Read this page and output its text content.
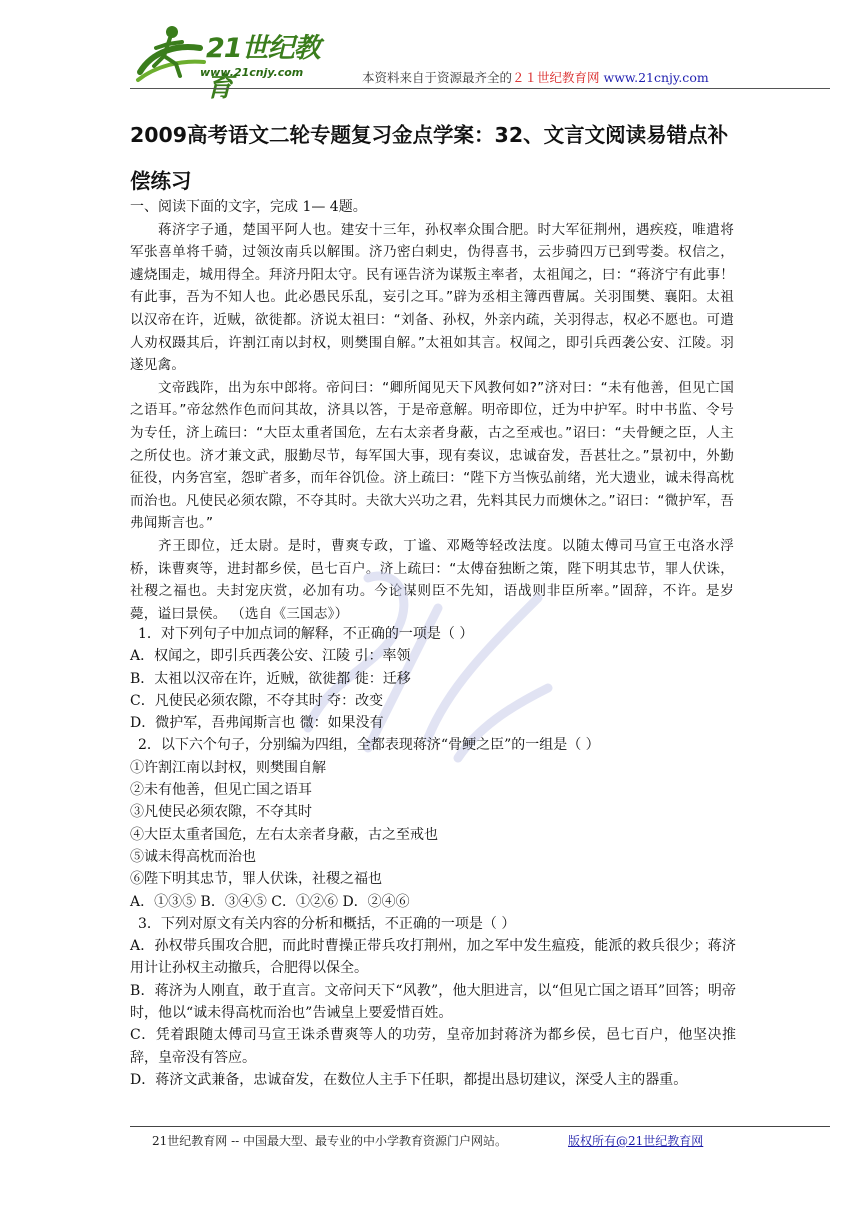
21世纪教育
www.21cnjy.com	本资料来自于资源最齐全的２１世纪教育网 www.21cnjy.com
2009高考语文二轮专题复习金点学案：32、文言文阅读易错点补偿练习

一、阅读下面的文字，完成 1— 4题。

蒋济字子通，楚国平阿人也。建安十三年，孙权率众围合肥。时大军征荆州，遇疾疫，唯遣将军张喜单将千骑，过领汝南兵以解围。济乃密白刺史，伪得喜书，云步骑四万已到雩娄。权信之，遽烧围走，城用得全。拜济丹阳太守。民有诬告济为谋叛主率者，太祖闻之，曰：“蒋济宁有此事！有此事，吾为不知人也。此必愚民乐乱，妄引之耳。”辟为丞相主簿西曹属。关羽围樊、襄阳。太祖以汉帝在许，近贼，欲徙都。济说太祖曰：“刘备、孙权，外亲内疏，关羽得志，权必不愿也。可遣人劝权蹑其后，许割江南以封权，则樊围自解。”太祖如其言。权闻之，即引兵西袭公安、江陵。羽遂见禽。

文帝践阼，出为东中郎将。帝问曰：“卿所闻见天下风教何如?”济对曰：“未有他善，但见亡国之语耳。”帝忿然作色而问其故，济具以答，于是帝意解。明帝即位，迁为中护军。时中书监、令号为专任，济上疏曰：“大臣太重者国危，左右太亲者身蔽，古之至戒也。”诏曰：“夫骨鲠之臣，人主之所仗也。济才兼文武，服勤尽节，每军国大事，现有奏议，忠诚奋发，吾甚壮之。”景初中，外勤征役，内务宫室，怨旷者多，而年谷饥俭。济上疏曰：“陛下方当恢弘前绪，光大遗业，诚未得高枕而治也。凡使民必须农隙，不夺其时。夫欲大兴功之君，先料其民力而燠休之。”诏曰：“微护军，吾弗闻斯言也。”

齐王即位，迁太尉。是时，曹爽专政，丁谧、邓飏等轻改法度。以随太傅司马宣王屯洛水浮桥，诛曹爽等，进封都乡侯，邑七百户。济上疏曰：“太傅奋独断之策，陛下明其忠节，罪人伏诛，社稷之福也。夫封宠庆赏，必加有功。今论谋则臣不先知，语战则非臣所率。”固辞，不许。是岁薨，谥曰景侯。 （选自《三国志》）

1．对下列句子中加点词的解释，不正确的一项是（ ）

A．权闻之，即引兵西袭公安、江陵 引：率领

B．太祖以汉帝在许，近贼，欲徙都 徙：迁移

C．凡使民必须农隙，不夺其时 夺：改变

D．微护军，吾弗闻斯言也 微：如果没有

2．以下六个句子，分别编为四组，全都表现蒋济“骨鲠之臣”的一组是（ ）

①许割江南以封权，则樊围自解

②未有他善，但见亡国之语耳

③凡使民必须农隙，不夺其时

④大臣太重者国危，左右太亲者身蔽，古之至戒也

⑤诚未得高枕而治也

⑥陛下明其忠节，罪人伏诛，社稷之福也

A．①③⑤ B．③④⑤ C．①②⑥ D．②④⑥

3．下列对原文有关内容的分析和概括，不正确的一项是（ ）

A．孙权带兵围攻合肥，而此时曹操正带兵攻打荆州，加之军中发生瘟疫，能派的救兵很少；蒋济用计让孙权主动撤兵，合肥得以保全。

B．蒋济为人刚直，敢于直言。文帝问天下“风教”，他大胆进言，以“但见亡国之语耳”回答；明帝时，他以“诚未得高枕而治也”告诫皇上要爱惜百姓。

C．凭着跟随太傅司马宣王诛杀曹爽等人的功劳，皇帝加封蒋济为都乡侯，邑七百户，他坚决推辞，皇帝没有答应。

D．蒋济文武兼备，忠诚奋发，在数位人主手下任职，都提出恳切建议，深受人主的器重。

21世纪教育网 -- 中国最大型、最专业的中小学教育资源门户网站。	版权所有@21世纪教育网
